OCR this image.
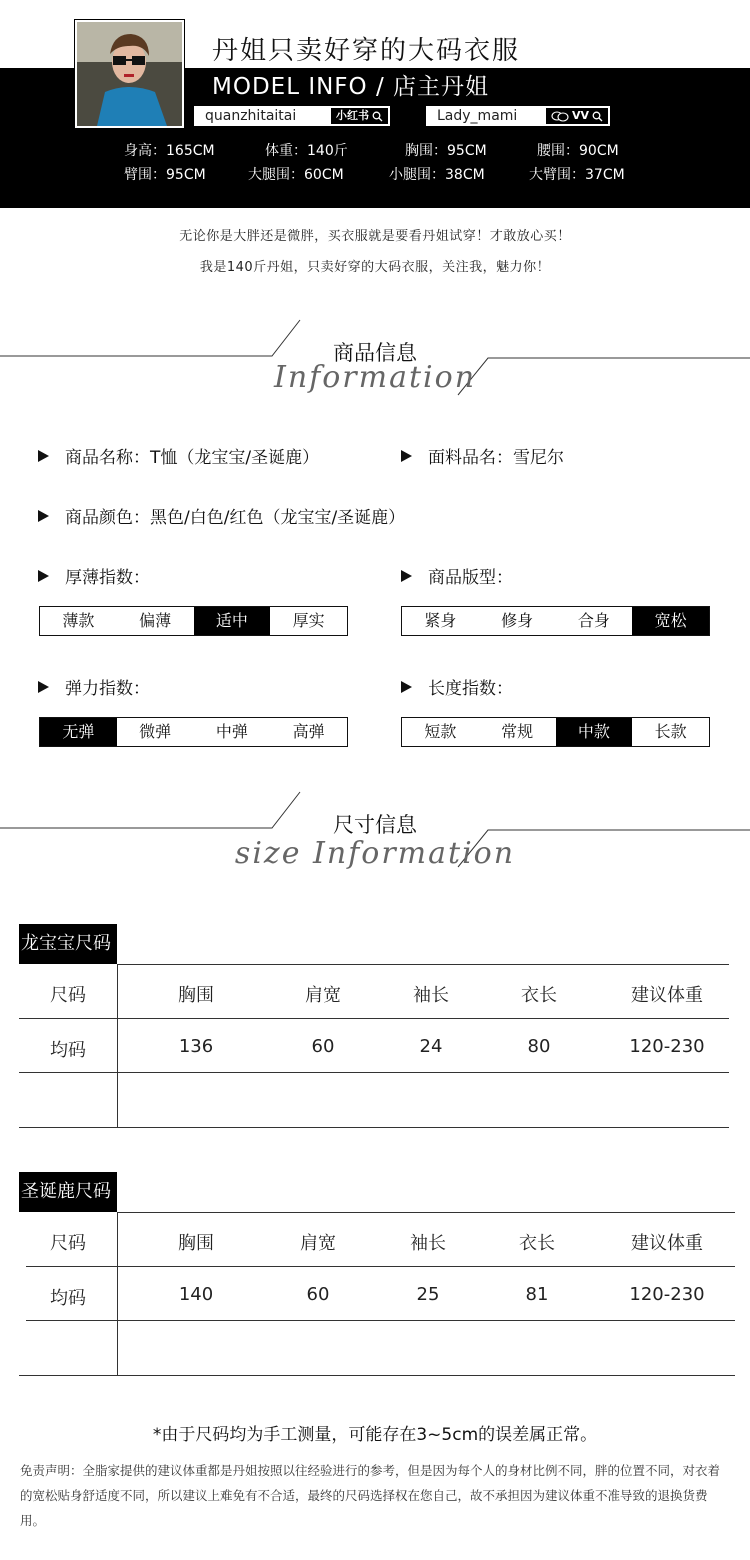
丹姐只卖好穿的大码衣服
MODEL INFO / 店主丹姐
quanzhitaitai	小红书	Lady_mami	VV
身高：165CM	体重：140斤	胸围：95CM	腰围：90CM
臂围：95CM	大腿围：60CM	小腿围：38CM	大臂围：37CM
无论你是大胖还是微胖，买衣服就是要看丹姐试穿！才敢放心买！
我是140斤丹姐，只卖好穿的大码衣服，关注我，魅力你！
商品信息
Information
商品名称：T恤（龙宝宝/圣诞鹿）	面料品名：雪尼尔
商品颜色：黑色/白色/红色（龙宝宝/圣诞鹿）
厚薄指数：	商品版型：
薄款	偏薄	适中	厚实	紧身	修身	合身	宽松
弹力指数：	长度指数：
无弹	微弹	中弹	高弹	短款	常规	中款	长款
尺寸信息
size Information
龙宝宝尺码
尺码	胸围	肩宽	袖长	衣长	建议体重
均码	136	60	24	80	120-230
圣诞鹿尺码
尺码	胸围	肩宽	袖长	衣长	建议体重
均码	140	60	25	81	120-230
*由于尺码均为手工测量，可能存在3~5cm的误差属正常。
免责声明：全脂家提供的建议体重都是丹姐按照以往经验进行的参考，但是因为每个人的身材比例不同，胖的位置不同，对衣着的宽松贴身舒适度不同，所以建议上难免有不合适，最终的尺码选择权在您自己，故不承担因为建议体重不准导致的退换货费用。
